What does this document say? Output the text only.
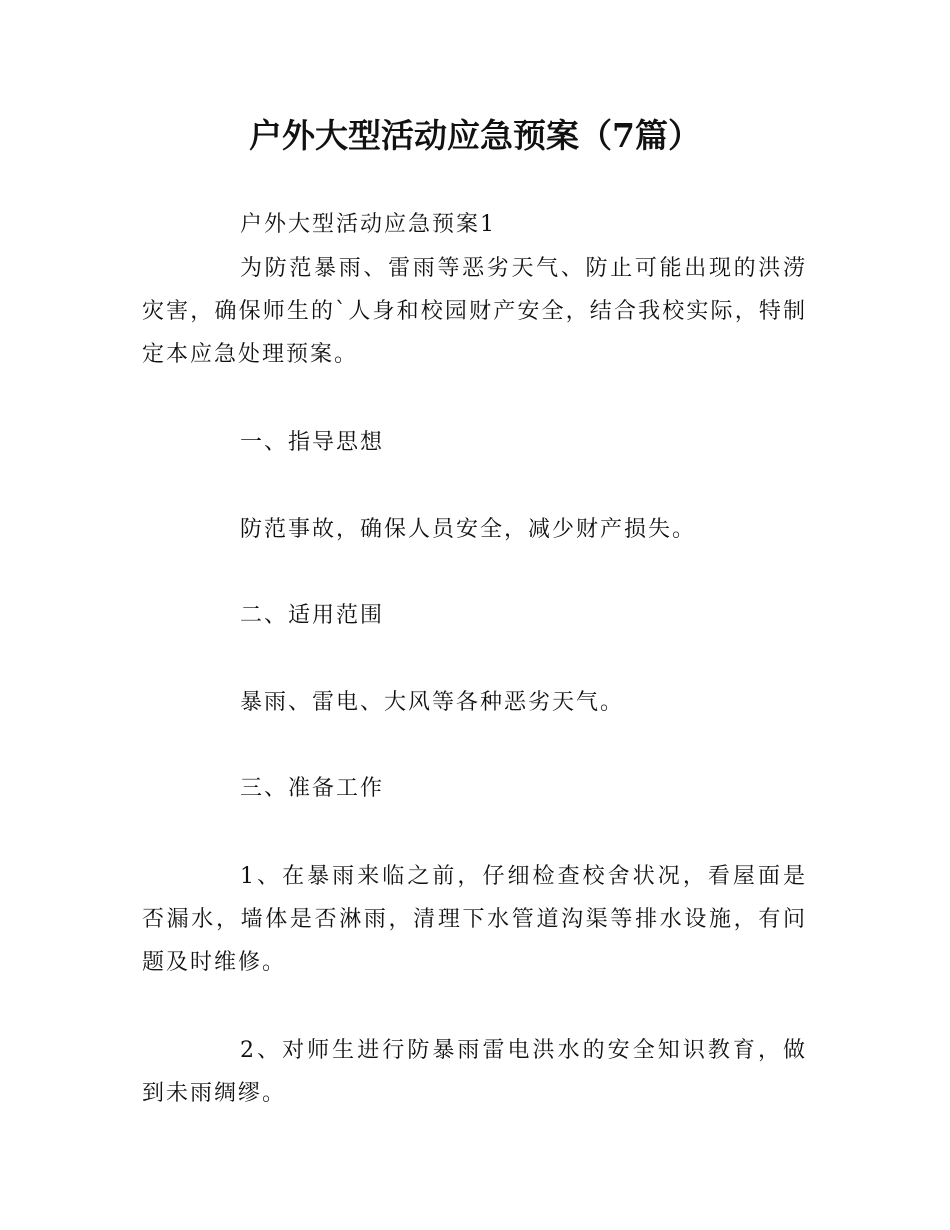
户外大型活动应急预案（7篇）

户外大型活动应急预案1

为防范暴雨、雷雨等恶劣天气、防止可能出现的洪涝灾害，确保师生的`人身和校园财产安全，结合我校实际，特制定本应急处理预案。

一、指导思想

防范事故，确保人员安全，减少财产损失。

二、适用范围

暴雨、雷电、大风等各种恶劣天气。

三、准备工作

1、在暴雨来临之前，仔细检查校舍状况，看屋面是否漏水，墙体是否淋雨，清理下水管道沟渠等排水设施，有问题及时维修。

2、对师生进行防暴雨雷电洪水的安全知识教育，做到未雨绸缪。
